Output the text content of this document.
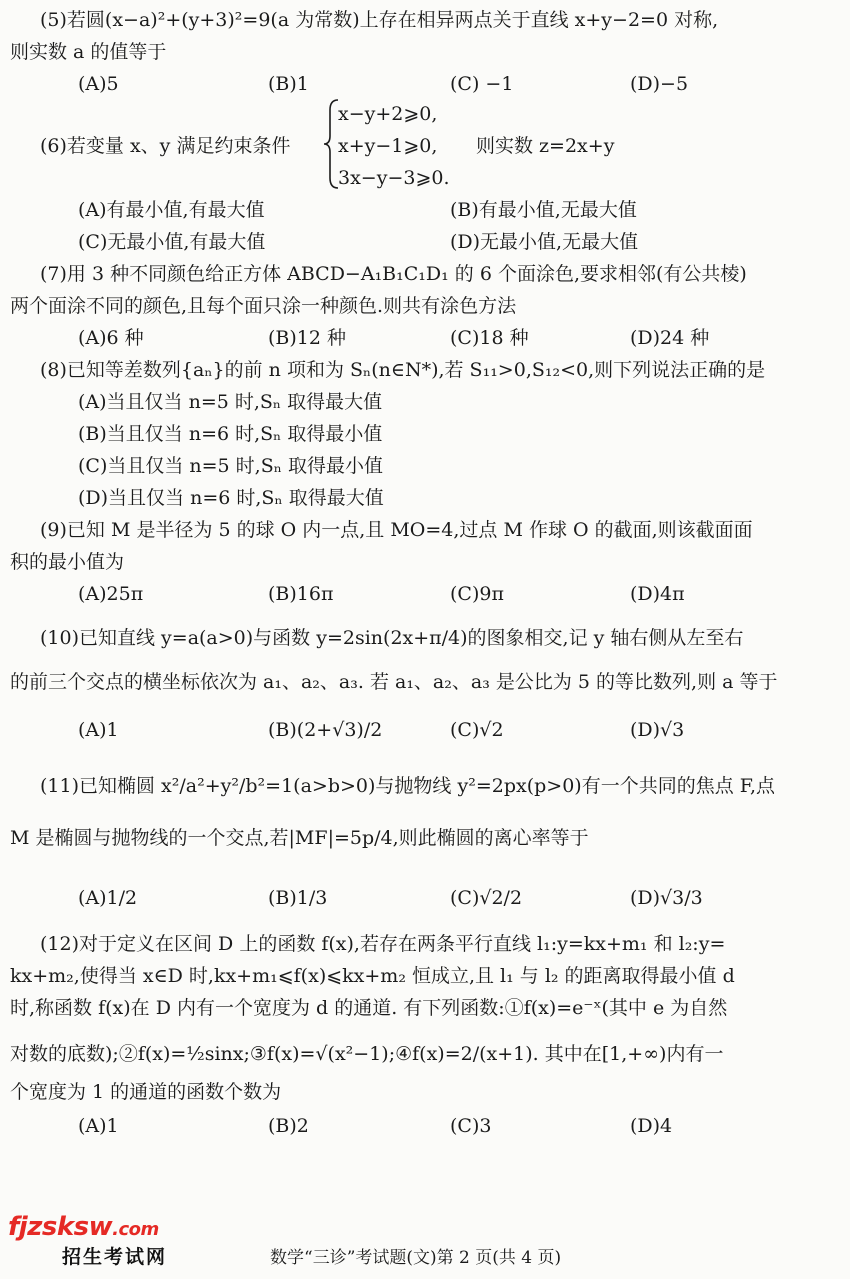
(5)若圆(x−a)²+(y+3)²=9(a 为常数)上存在相异两点关于直线 x+y−2=0 对称,
则实数 a 的值等于
(A)5	(B)1	(C) −1	(D)−5
(6)若变量 x、y 满足约束条件
x−y+2⩾0,
x+y−1⩾0,
3x−y−3⩾0.
则实数 z=2x+y
(A)有最小值,有最大值	(B)有最小值,无最大值
(C)无最小值,有最大值	(D)无最小值,无最大值
(7)用 3 种不同颜色给正方体 ABCD−A₁B₁C₁D₁ 的 6 个面涂色,要求相邻(有公共棱)
两个面涂不同的颜色,且每个面只涂一种颜色.则共有涂色方法
(A)6 种	(B)12 种	(C)18 种	(D)24 种
(8)已知等差数列{aₙ}的前 n 项和为 Sₙ(n∈N*),若 S₁₁>0,S₁₂<0,则下列说法正确的是
(A)当且仅当 n=5 时,Sₙ 取得最大值
(B)当且仅当 n=6 时,Sₙ 取得最小值
(C)当且仅当 n=5 时,Sₙ 取得最小值
(D)当且仅当 n=6 时,Sₙ 取得最大值
(9)已知 M 是半径为 5 的球 O 内一点,且 MO=4,过点 M 作球 O 的截面,则该截面面
积的最小值为
(A)25π	(B)16π	(C)9π	(D)4π
(10)已知直线 y=a(a>0)与函数 y=2sin(2x+π/4)的图象相交,记 y 轴右侧从左至右
的前三个交点的横坐标依次为 a₁、a₂、a₃. 若 a₁、a₂、a₃ 是公比为 5 的等比数列,则 a 等于
(A)1	(B)(2+√3)/2	(C)√2	(D)√3
(11)已知椭圆 x²/a²+y²/b²=1(a>b>0)与抛物线 y²=2px(p>0)有一个共同的焦点 F,点
M 是椭圆与抛物线的一个交点,若|MF|=5p/4,则此椭圆的离心率等于
(A)1/2	(B)1/3	(C)√2/2	(D)√3/3
(12)对于定义在区间 D 上的函数 f(x),若存在两条平行直线 l₁:y=kx+m₁ 和 l₂:y=
kx+m₂,使得当 x∈D 时,kx+m₁⩽f(x)⩽kx+m₂ 恒成立,且 l₁ 与 l₂ 的距离取得最小值 d
时,称函数 f(x)在 D 内有一个宽度为 d 的通道. 有下列函数:①f(x)=e⁻ˣ(其中 e 为自然
对数的底数);②f(x)=½sinx;③f(x)=√(x²−1);④f(x)=2/(x+1). 其中在[1,+∞)内有一
个宽度为 1 的通道的函数个数为
(A)1	(B)2	(C)3	(D)4
fjzsksw.com
招生考试网	数学“三诊”考试题(文)第 2 页(共 4 页)
